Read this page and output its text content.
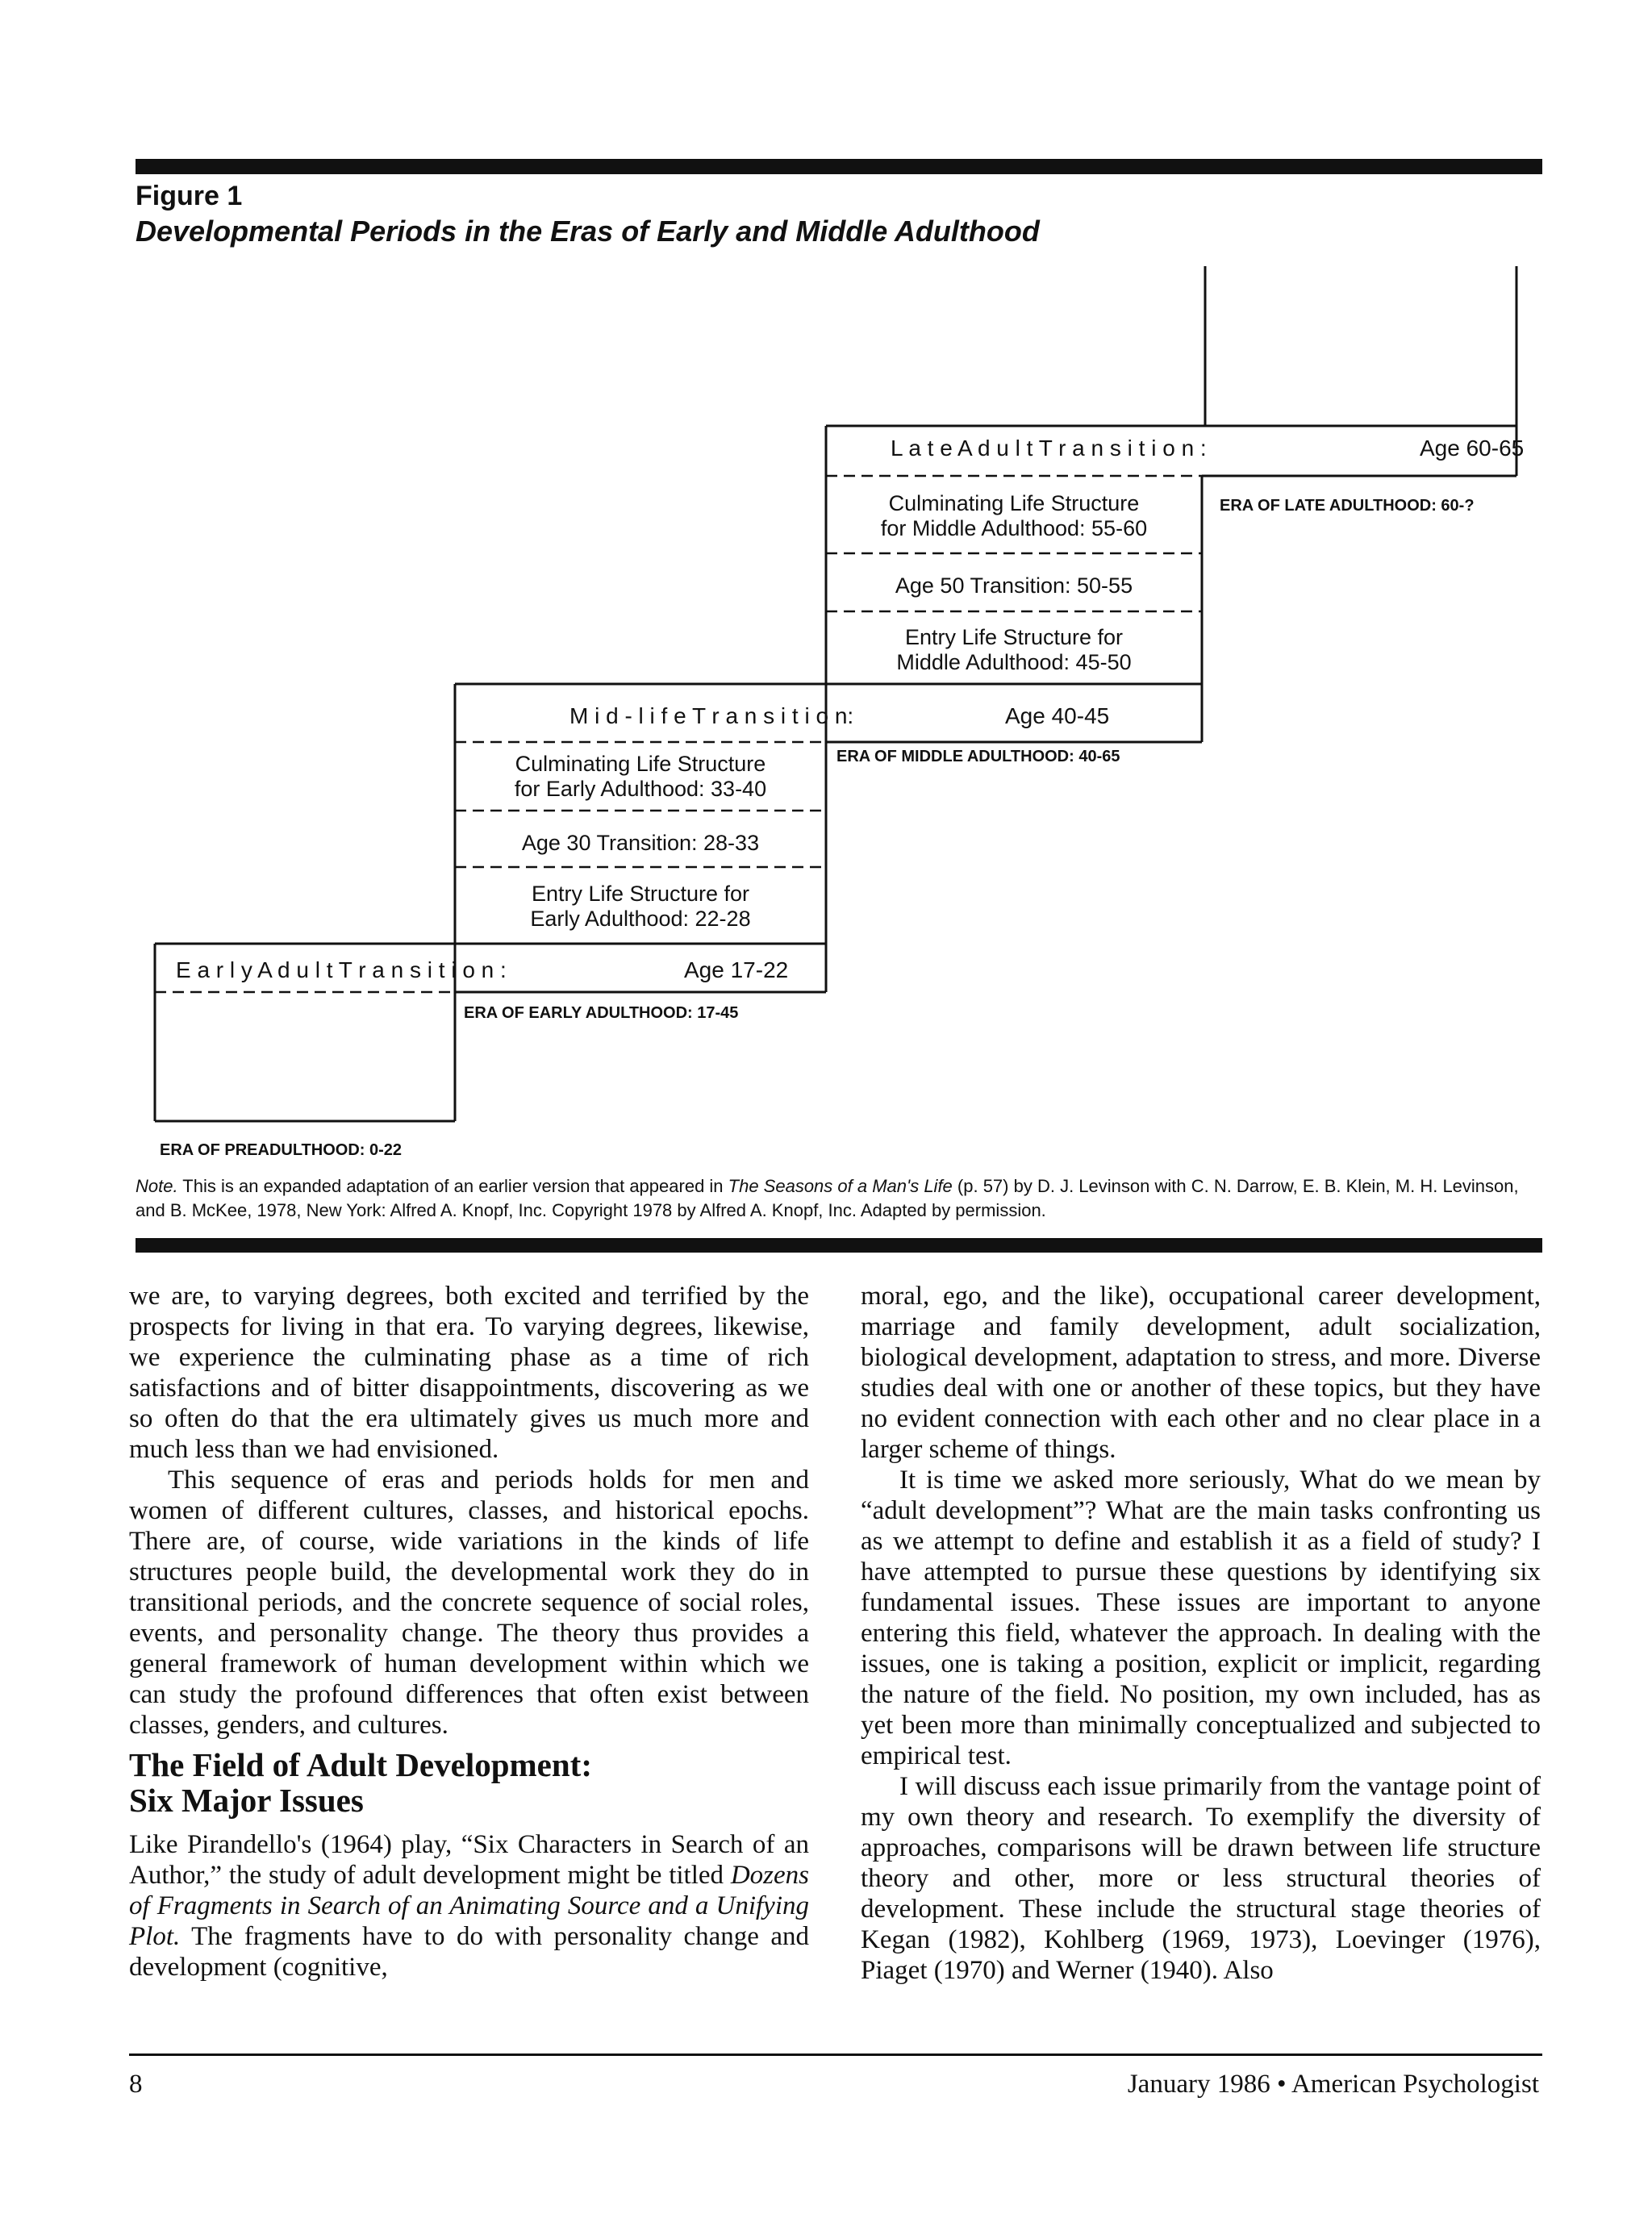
Figure 1
Developmental Periods in the Eras of Early and Middle Adulthood
L a t e A d u l t T r a n s i t i o n :	Age 60-65
Culminating Life Structure
for Middle Adulthood: 55-60
Age 50 Transition: 50-55
Entry Life Structure for
Middle Adulthood: 45-50
M i d - l i f e T r a n s i t i o n:	Age 40-45
Culminating Life Structure
for Early Adulthood: 33-40
Age 30 Transition: 28-33
Entry Life Structure for
Early Adulthood: 22-28
E a r l y A d u l t T r a n s i t i o n :	Age 17-22
ERA OF LATE ADULTHOOD: 60-?
ERA OF MIDDLE ADULTHOOD: 40-65
ERA OF EARLY ADULTHOOD: 17-45
ERA OF PREADULTHOOD: 0-22
Note. This is an expanded adaptation of an earlier version that appeared in The Seasons of a Man's Life (p. 57) by D. J. Levinson with C. N. Darrow, E. B. Klein, M. H. Levinson, and B. McKee, 1978, New York: Alfred A. Knopf, Inc. Copyright 1978 by Alfred A. Knopf, Inc. Adapted by permission.

we are, to varying degrees, both excited and terrified by the prospects for living in that era. To varying degrees, likewise, we experience the culminating phase as a time of rich satisfactions and of bitter disappointments, discovering as we so often do that the era ultimately gives us much more and much less than we had envisioned.

This sequence of eras and periods holds for men and women of different cultures, classes, and historical epochs. There are, of course, wide variations in the kinds of life structures people build, the developmental work they do in transitional periods, and the concrete sequence of social roles, events, and personality change. The theory thus provides a general framework of human development within which we can study the profound differences that often exist between classes, genders, and cultures.

The Field of Adult Development:
Six Major Issues

Like Pirandello's (1964) play, “Six Characters in Search of an Author,” the study of adult development might be titled Dozens of Fragments in Search of an Animating Source and a Unifying Plot. The fragments have to do with personality change and development (cognitive,

moral, ego, and the like), occupational career development, marriage and family development, adult socialization, biological development, adaptation to stress, and more. Diverse studies deal with one or another of these topics, but they have no evident connection with each other and no clear place in a larger scheme of things.

It is time we asked more seriously, What do we mean by “adult development”? What are the main tasks confronting us as we attempt to define and establish it as a field of study? I have attempted to pursue these questions by identifying six fundamental issues. These issues are important to anyone entering this field, whatever the approach. In dealing with the issues, one is taking a position, explicit or implicit, regarding the nature of the field. No position, my own included, has as yet been more than minimally conceptualized and subjected to empirical test.

I will discuss each issue primarily from the vantage point of my own theory and research. To exemplify the diversity of approaches, comparisons will be drawn between life structure theory and other, more or less structural theories of development. These include the structural stage theories of Kegan (1982), Kohlberg (1969, 1973), Loevinger (1976), Piaget (1970) and Werner (1940). Also

8	January 1986 • American Psychologist
